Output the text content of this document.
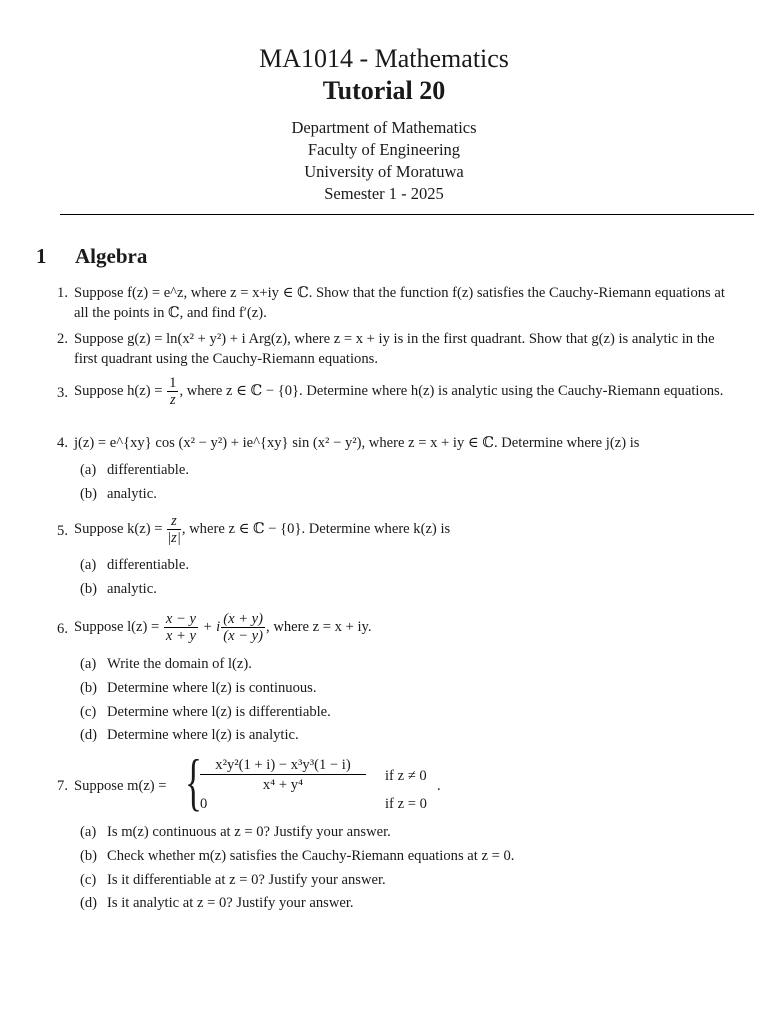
MA1014 - Mathematics
Tutorial 20
Department of Mathematics
Faculty of Engineering
University of Moratuwa
Semester 1 - 2025
1 Algebra
1. Suppose f(z) = e^z, where z = x+iy ∈ ℂ. Show that the function f(z) satisfies the Cauchy-Riemann equations at all the points in ℂ, and find f′(z).
2. Suppose g(z) = ln(x² + y²) + i Arg(z), where z = x + iy is in the first quadrant. Show that g(z) is analytic in the first quadrant using the Cauchy-Riemann equations.
3. Suppose $h(z) = \frac{1}{z}$ , where z ∈ ℂ − {0}. Determine where h(z) is analytic using the Cauchy-Riemann equations.
4. j(z) = e^{xy} cos (x² − y²) + ie^{xy} sin (x² − y²), where z = x + iy ∈ ℂ. Determine where j(z) is
(a) differentiable.
(b) analytic.
5. Suppose $k(z) = \frac{z}{|z|}$ , where z ∈ ℂ − {0}. Determine where k(z) is
(a) differentiable.
(b) analytic.
6. Suppose $l(z) = \frac{x - y}{x + y} + i \frac{(x + y)}{(x - y)}$ , where z = x + iy.
(a) Write the domain of l(z).
(b) Determine where l(z) is continuous.
(c) Determine where l(z) is differentiable.
(d) Determine where l(z) is analytic.
7. Suppose m(z) = { x²y²(1 + i) − x³y³(1 − i)
x⁴ + y⁴
if z ≠ 0
0	if z = 0
.
(a) Is m(z) continuous at z = 0? Justify your answer.
(b) Check whether m(z) satisfies the Cauchy-Riemann equations at z = 0.
(c) Is it differentiable at z = 0? Justify your answer.
(d) Is it analytic at z = 0? Justify your answer.
